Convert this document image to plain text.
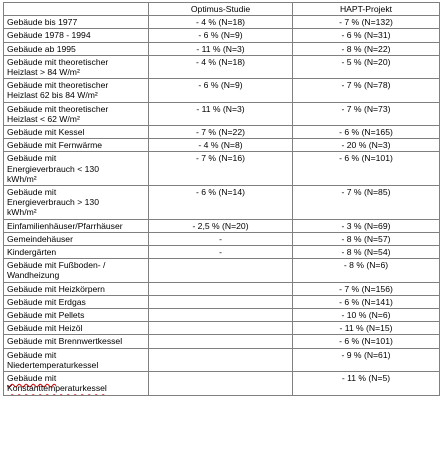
	Optimus-Studie	HAPT-Projekt
Gebäude bis 1977	- 4 % (N=18)	- 7 % (N=132)
Gebäude 1978 - 1994	- 6 % (N=9)	- 6 % (N=31)
Gebäude ab 1995	- 11 % (N=3)	- 8 % (N=22)
Gebäude mit theoretischer
Heizlast > 84 W/m²	- 4 % (N=18)	- 5 % (N=20)
Gebäude mit theoretischer
Heizlast 62 bis 84 W/m²	- 6 % (N=9)	- 7 % (N=78)
Gebäude mit theoretischer
Heizlast < 62 W/m²	- 11 % (N=3)	- 7 % (N=73)
Gebäude mit Kessel	- 7 % (N=22)	- 6 % (N=165)
Gebäude mit Fernwärme	- 4 % (N=8)	- 20 % (N=3)
Gebäude mit
Energieverbrauch < 130
kWh/m²	- 7 % (N=16)	- 6 % (N=101)
Gebäude mit
Energieverbrauch > 130
kWh/m²	- 6 % (N=14)	- 7 % (N=85)
Einfamilienhäuser/Pfarrhäuser	- 2,5 % (N=20)	- 3 % (N=69)
Gemeindehäuser	-	- 8 % (N=57)
Kindergärten	-	- 8 % (N=54)
Gebäude mit Fußboden- /
Wandheizung		- 8 % (N=6)
Gebäude mit Heizkörpern		- 7 % (N=156)
Gebäude mit Erdgas		- 6 % (N=141)
Gebäude mit Pellets		- 10 % (N=6)
Gebäude mit Heizöl		- 11 % (N=15)
Gebäude mit Brennwertkessel		- 6 % (N=101)
Gebäude mit
Niedertemperaturkessel		- 9 % (N=61)
Gebäude mit
Konstanttemperaturkessel		- 11 % (N=5)
